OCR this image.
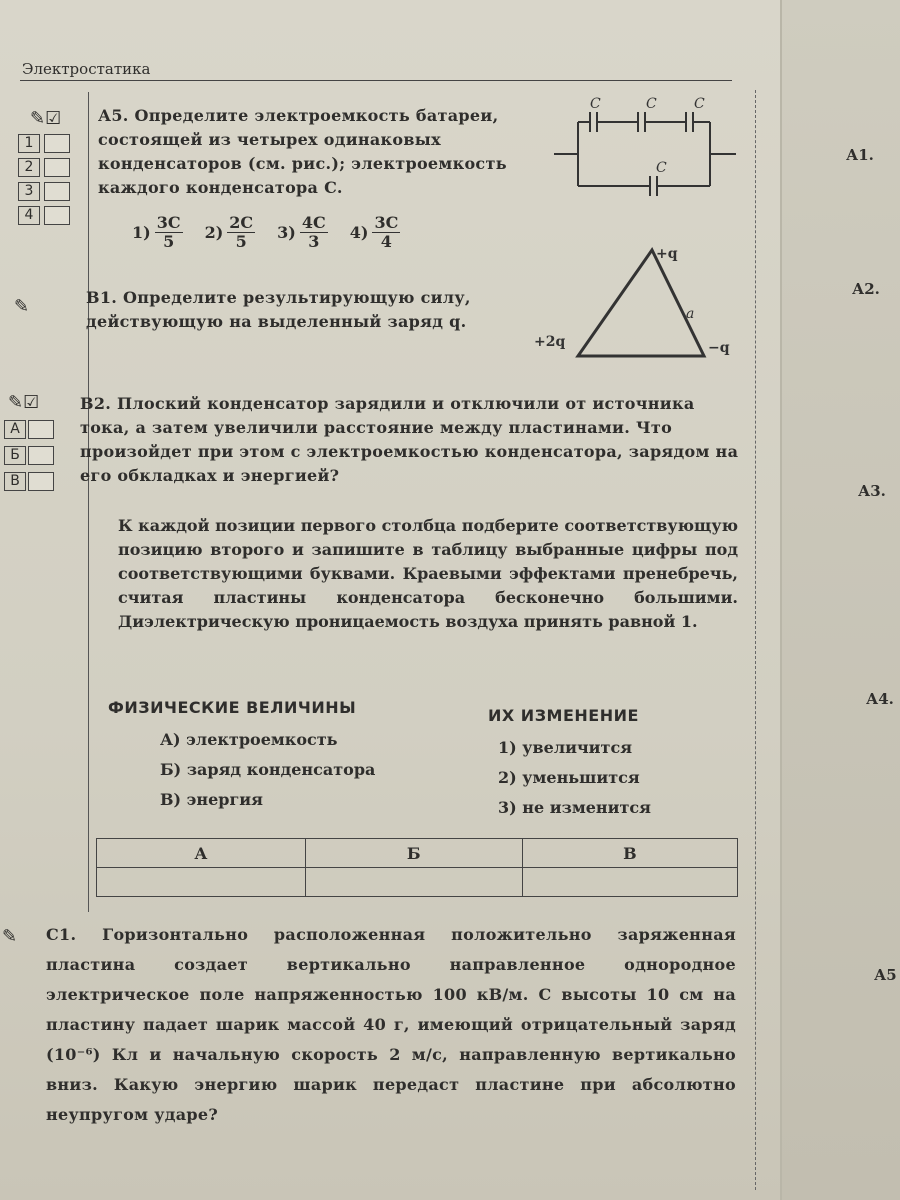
Электростатика
✎☑
1
2
3
4
А5. Определите электроемкость батареи, состоящей из четырех одинаковых конденсаторов (см. рис.); электроемкость каждого конденсатора C.
$1) \frac{3C}{5} 2) \frac{2C}{5} 3) \frac{4C}{3} 4) \frac{3C}{4}$
C	C	C
C
✎	В1. Определите результирующую силу, действующую на выделенный заряд q.
+q
+2q	−q
a
✎☑
А
Б
В
В2. Плоский конденсатор зарядили и отключили от источника тока, а затем увеличили расстояние между пластинами. Что произойдет при этом с электроемкостью конденсатора, зарядом на его обкладках и энергией?
К каждой позиции первого столбца подберите соответствующую позицию второго и запишите в таблицу выбранные цифры под соответствующими буквами. Краевыми эффектами пренебречь, считая пластины конденсатора бесконечно большими. Диэлектрическую проницаемость воздуха принять равной 1.
ФИЗИЧЕСКИЕ ВЕЛИЧИНЫ	ИХ ИЗМЕНЕНИЕ
А) электроемкость
Б) заряд конденсатора
В) энергия
1) увеличится
2) уменьшится
3) не изменится
А	Б	В

✎ С1. Горизонтально расположенная положительно заряженная пластина создает вертикально направленное однородное электрическое поле напряженностью 100 кВ/м. С высоты 10 см на пластину падает шарик массой 40 г, имеющий отрицательный заряд (10⁻⁶) Кл и начальную скорость 2 м/с, направленную вертикально вниз. Какую энергию шарик передаст пластине при абсолютно неупругом ударе?
А1.
А2.
А3.
А4.
А5
